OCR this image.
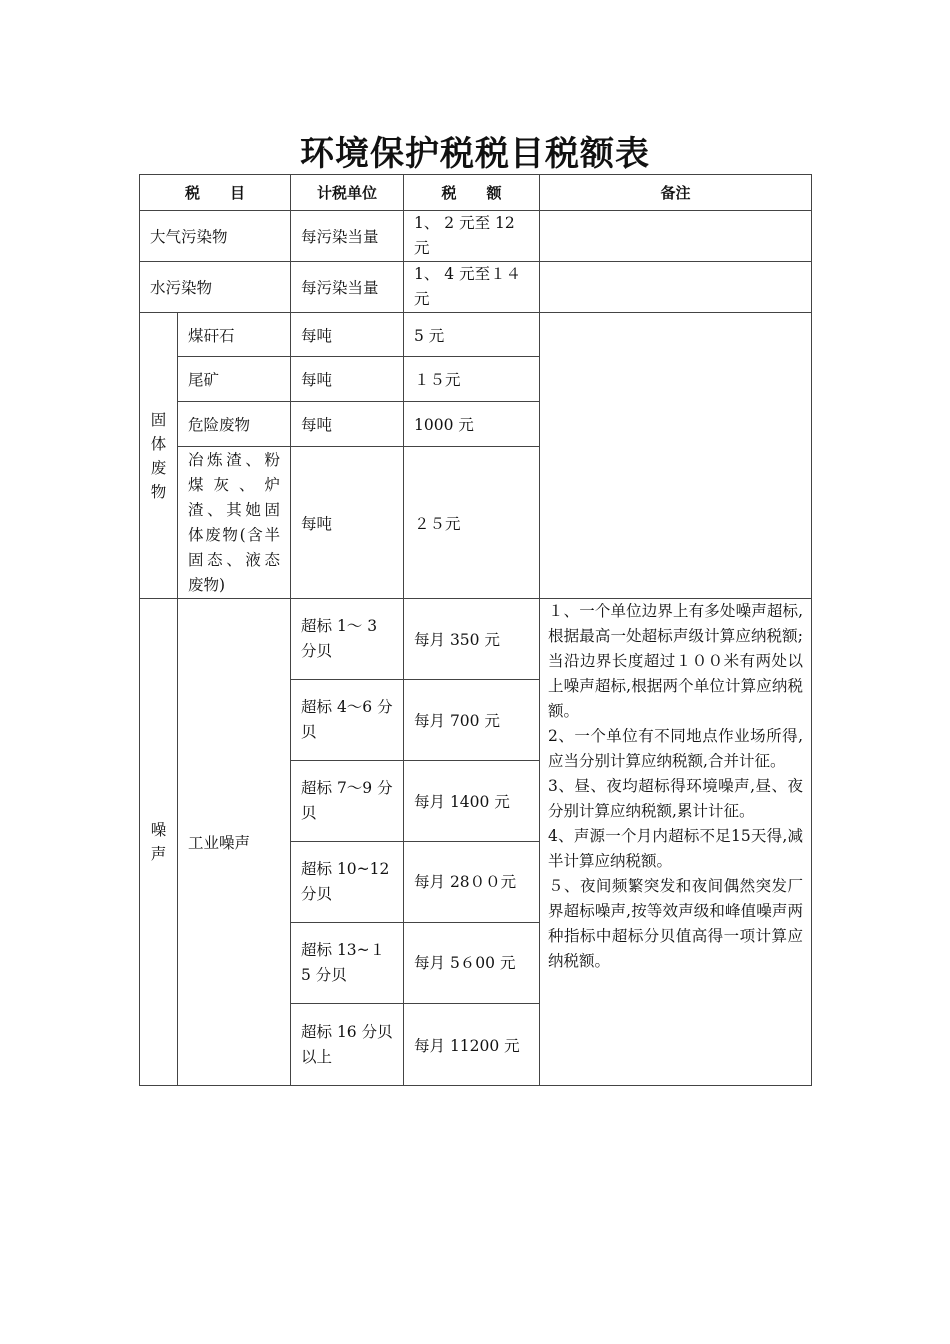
环境保护税税目税额表
税　　目		计税单位	税　　额	备注
大气污染物		每污染当量	1、 2 元至 12 元	
水污染物		每污染当量	1、 4 元至１４元	
固体废物	煤矸石	每吨	5 元	
	尾矿	每吨	１５元	
	危险废物	每吨	1000 元	
	冶炼渣、粉煤灰、炉渣、其她固体废物(含半固态、液态废物)	每吨	２５元	
噪声	工业噪声	超标 1～ 3 分贝	每月 350 元	１、一个单位边界上有多处噪声超标,根据最高一处超标声级计算应纳税额;当沿边界长度超过１００米有两处以上噪声超标,根据两个单位计算应纳税额。
2、一个单位有不同地点作业场所得,应当分别计算应纳税额,合并计征。
3、昼、夜均超标得环境噪声,昼、夜分别计算应纳税额,累计计征。
4、声源一个月内超标不足15天得,减半计算应纳税额。
５、夜间频繁突发和夜间偶然突发厂界超标噪声,按等效声级和峰值噪声两种指标中超标分贝值高得一项计算应纳税额。

		超标 4～6 分贝	每月 700 元	
		超标 7～9 分贝	每月 1400 元	
		超标 10~12 分贝	每月 28００元	
		超标 13~１5 分贝	每月 5６00 元	
		超标 16 分贝以上	每月 11200 元	
